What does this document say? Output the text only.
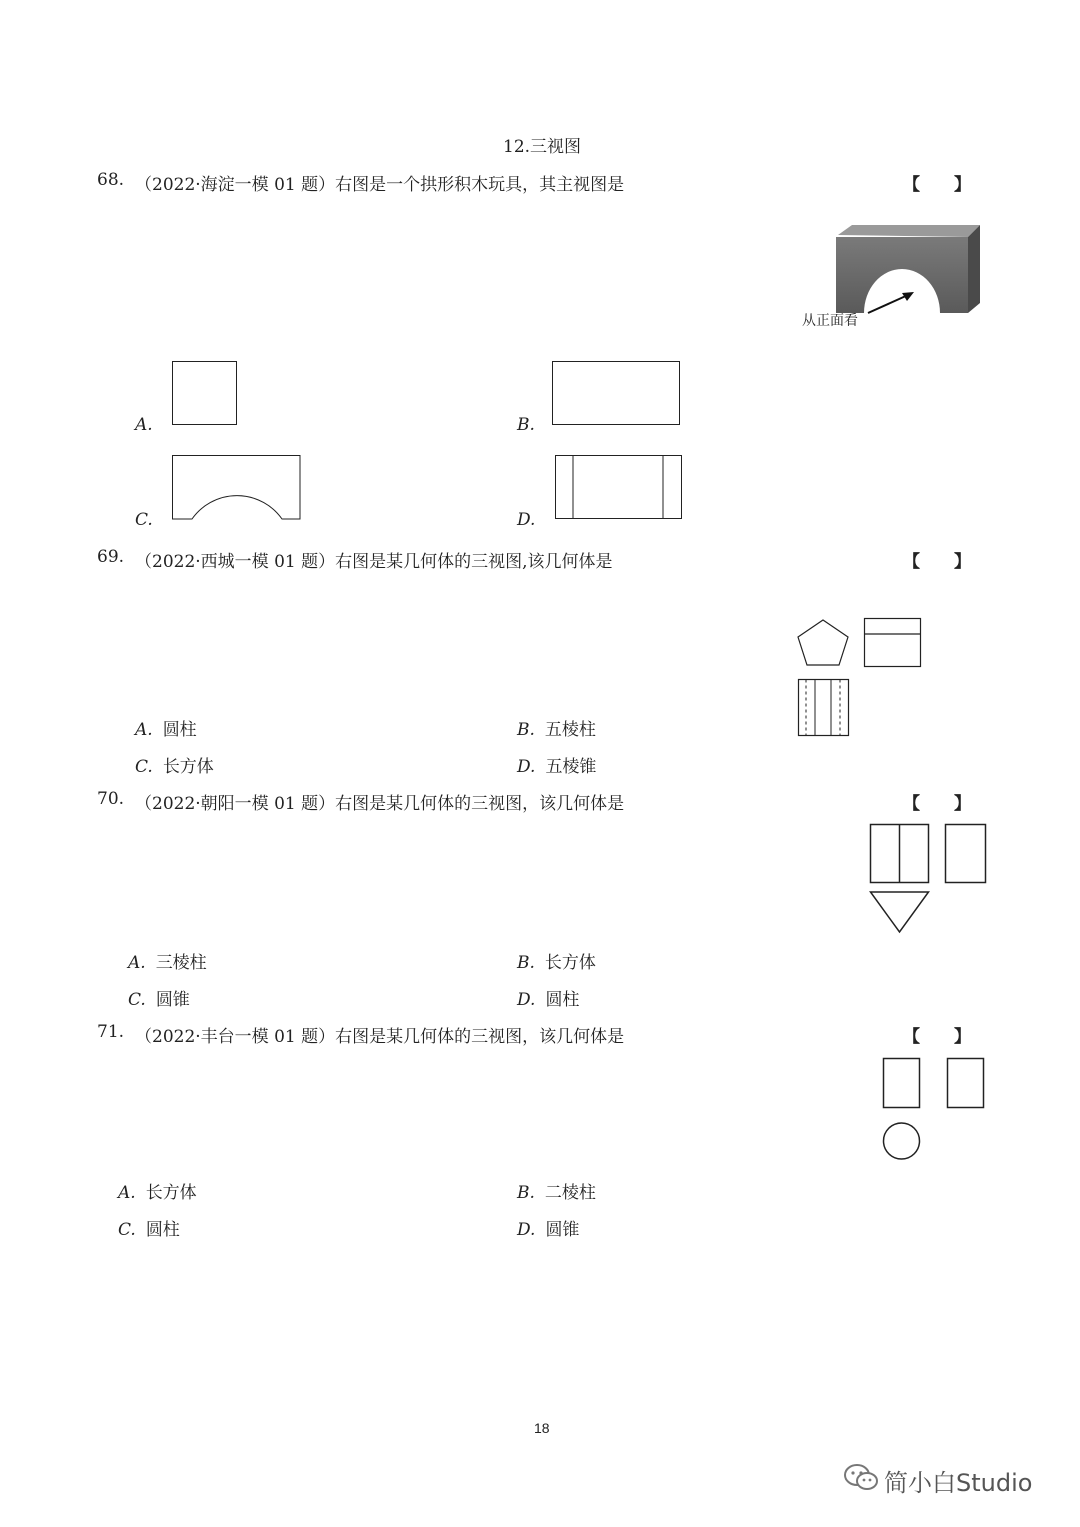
12.三视图
68. （2022·海淀一模 01 题）右图是一个拱形积木玩具，其主视图是	【　　】
从正面看
A.	B.
C.	D.
69. （2022·西城一模 01 题）右图是某几何体的三视图,该几何体是	【　　】
A. 圆柱	B. 五棱柱
C. 长方体	D. 五棱锥
70. （2022·朝阳一模 01 题）右图是某几何体的三视图，该几何体是	【　　】
A. 三棱柱	B. 长方体
C. 圆锥	D. 圆柱
71. （2022·丰台一模 01 题）右图是某几何体的三视图，该几何体是	【　　】
A. 长方体	B. 二棱柱
C. 圆柱	D. 圆锥
18
简小白Studio
